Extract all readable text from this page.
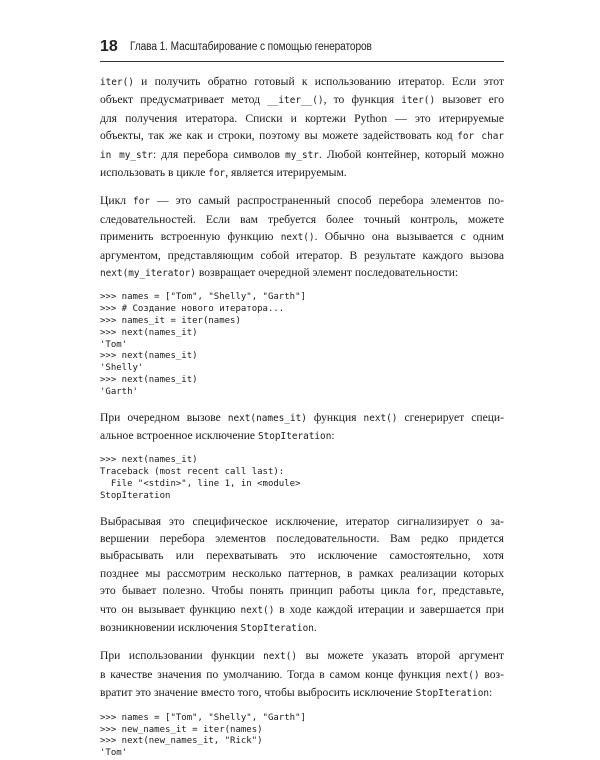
18 Глава 1. Масштабирование с помощью генераторов
iter() и получить обратно готовый к использованию итератор. Если этот
объект предусматривает метод __iter__(), то функция iter() вызовет его
для получения итератора. Списки и кортежи Python — это итерируемые
объекты, так же как и строки, поэтому вы можете задействовать код for char
in my_str: для перебора символов my_str. Любой контейнер, который можно
использовать в цикле for, является итерируемым.
Цикл for — это самый распространенный способ перебора элементов по-
следовательностей. Если вам требуется более точный контроль, можете
применить встроенную функцию next(). Обычно она вызывается с одним
аргументом, представляющим собой итератор. В результате каждого вызова
next(my_iterator) возвращает очередной элемент последовательности:
>>> names = ["Tom", "Shelly", "Garth"]
>>> # Создание нового итератора...
>>> names_it = iter(names)
>>> next(names_it)
'Tom'
>>> next(names_it)
'Shelly'
>>> next(names_it)
'Garth'
При очередном вызове next(names_it) функция next() сгенерирует специ-
альное встроенное исключение StopIteration:
>>> next(names_it)
Traceback (most recent call last):
File "<stdin>", line 1, in <module>
StopIteration
Выбрасывая это специфическое исключение, итератор сигнализирует о за-
вершении перебора элементов последовательности. Вам редко придется
выбрасывать или перехватывать это исключение самостоятельно, хотя
позднее мы рассмотрим несколько паттернов, в рамках реализации которых
это бывает полезно. Чтобы понять принцип работы цикла for, представьте,
что он вызывает функцию next() в ходе каждой итерации и завершается при
возникновении исключения StopIteration.
При использовании функции next() вы можете указать второй аргумент
в качестве значения по умолчанию. Тогда в самом конце функция next() воз-
вратит это значение вместо того, чтобы выбросить исключение StopIteration:
>>> names = ["Tom", "Shelly", "Garth"]
>>> new_names_it = iter(names)
>>> next(new_names_it, "Rick")
'Tom'
